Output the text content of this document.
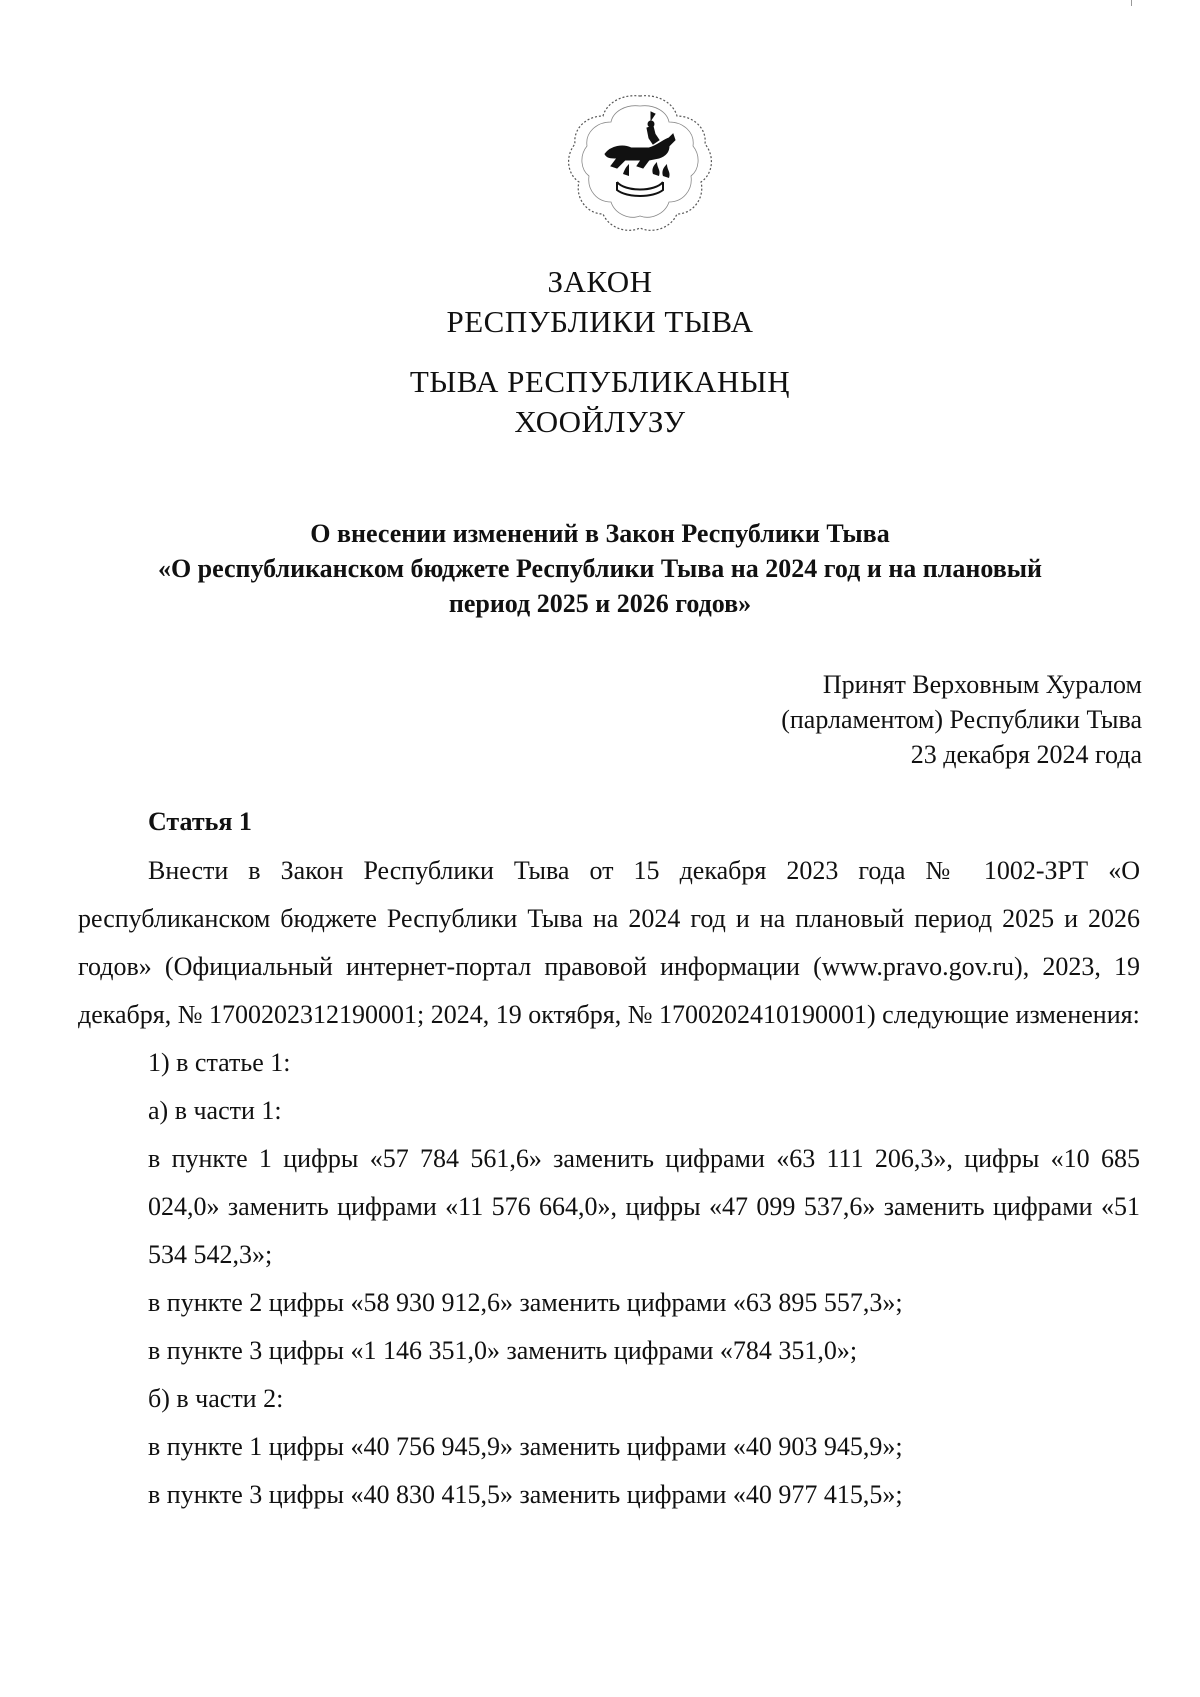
ЗАКОН
РЕСПУБЛИКИ ТЫВА
ТЫВА РЕСПУБЛИКАНЫҢ
ХООЙЛУЗУ
О внесении изменений в Закон Республики Тыва
«О республиканском бюджете Республики Тыва на 2024 год и на плановый
период 2025 и 2026 годов»
Принят Верховным Хуралом
(парламентом) Республики Тыва
23 декабря 2024 года
Статья 1

Внести в Закон Республики Тыва от 15 декабря 2023 года № 1002-ЗРТ «О республиканском бюджете Республики Тыва на 2024 год и на плановый период 2025 и 2026 годов» (Официальный интернет-портал правовой информации (www.pravo.gov.ru), 2023, 19 декабря, № 1700202312190001; 2024, 19 октября, № 1700202410190001) следующие изменения:

1) в статье 1:

а) в части 1:

в пункте 1 цифры «57 784 561,6» заменить цифрами «63 111 206,3», цифры «10 685 024,0» заменить цифрами «11 576 664,0», цифры «47 099 537,6» заменить цифрами «51 534 542,3»;

в пункте 2 цифры «58 930 912,6» заменить цифрами «63 895 557,3»;

в пункте 3 цифры «1 146 351,0» заменить цифрами «784 351,0»;

б) в части 2:

в пункте 1 цифры «40 756 945,9» заменить цифрами «40 903 945,9»;

в пункте 3 цифры «40 830 415,5» заменить цифрами «40 977 415,5»;
